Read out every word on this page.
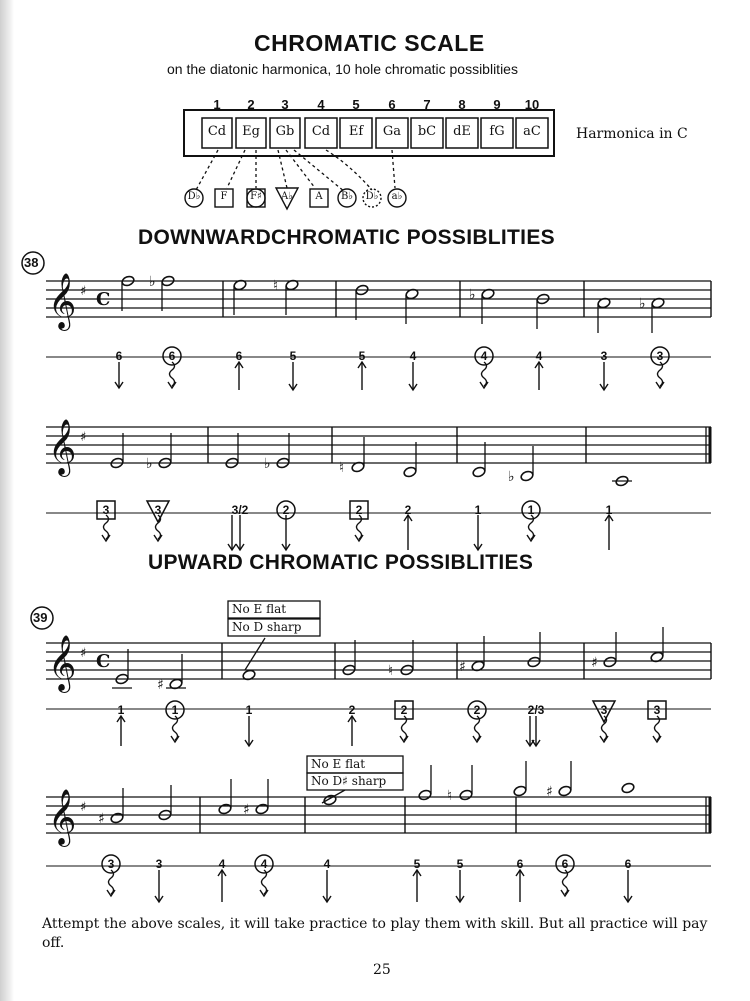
CHROMATIC SCALE
on the diatonic harmonica, 10 hole chromatic possiblities
1	2	3	4	5	6	7	8	9	10
Cd	Eg	Gb	Cd	Ef	Ga	bC	dE	fG	aC
D♭	F	F♯	A♭	A	B♭	D♭	a♭
Harmonica in C
DOWNWARDCHROMATIC POSSIBLITIES
UPWARD CHROMATIC POSSIBLITIES
38
39
𝄞 ♯ C
♭	♮
♭
♭
𝄞 ♯
♭	♭	♮
♭
𝄞 ♯ C
♯
♮	♯	♯
𝄞 ♯
♯
♯
♮	♯
No E flat
No D sharp
No E flat
No D♯ sharp
6	6	6	5	5	4	4	4	3	3
3	3	3/2	2	2	2	1	1	1
1	1	1	2	2	2	2/3	3	3
3	3	4	4	4	5	5	6	6	6
Attempt the above scales, it will take practice to play them with skill. But all practice will pay off.
25
